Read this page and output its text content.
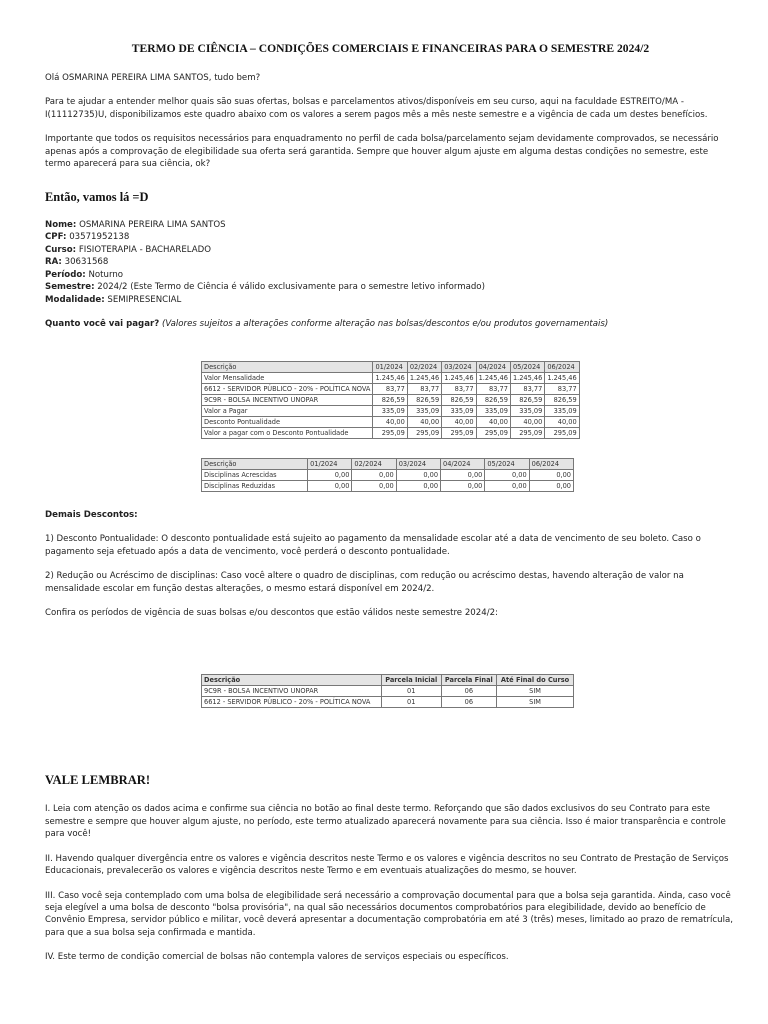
TERMO DE CIÊNCIA – CONDIÇÕES COMERCIAIS E FINANCEIRAS PARA O SEMESTRE 2024/2

Olá OSMARINA PEREIRA LIMA SANTOS, tudo bem?

Para te ajudar a entender melhor quais são suas ofertas, bolsas e parcelamentos ativos/disponíveis em seu curso, aqui na faculdade ESTREITO/MA - I(11112735)U, disponibilizamos este quadro abaixo com os valores a serem pagos mês a mês neste semestre e a vigência de cada um destes benefícios.

Importante que todos os requisitos necessários para enquadramento no perfil de cada bolsa/parcelamento sejam devidamente comprovados, se necessário apenas após a comprovação de elegibilidade sua oferta será garantida. Sempre que houver algum ajuste em alguma destas condições no semestre, este termo aparecerá para sua ciência, ok?

Então, vamos lá =D
Nome: OSMARINA PEREIRA LIMA SANTOS
CPF: 03571952138
Curso: FISIOTERAPIA - BACHARELADO
RA: 30631568
Período: Noturno
Semestre: 2024/2 (Este Termo de Ciência é válido exclusivamente para o semestre letivo informado)
Modalidade: SEMIPRESENCIAL

Quanto você vai pagar? (Valores sujeitos a alterações conforme alteração nas bolsas/descontos e/ou produtos governamentais)

Descrição	01/2024	02/2024	03/2024	04/2024	05/2024	06/2024
Valor Mensalidade	1.245,46	1.245,46	1.245,46	1.245,46	1.245,46	1.245,46
6612 - SERVIDOR PÚBLICO - 20% - POLÍTICA NOVA	83,77	83,77	83,77	83,77	83,77	83,77
9C9R - BOLSA INCENTIVO UNOPAR	826,59	826,59	826,59	826,59	826,59	826,59
Valor a Pagar	335,09	335,09	335,09	335,09	335,09	335,09
Desconto Pontualidade	40,00	40,00	40,00	40,00	40,00	40,00
Valor a pagar com o Desconto Pontualidade	295,09	295,09	295,09	295,09	295,09	295,09
Descrição	01/2024	02/2024	03/2024	04/2024	05/2024	06/2024
Disciplinas Acrescidas	0,00	0,00	0,00	0,00	0,00	0,00
Disciplinas Reduzidas	0,00	0,00	0,00	0,00	0,00	0,00

Demais Descontos:

1) Desconto Pontualidade: O desconto pontualidade está sujeito ao pagamento da mensalidade escolar até a data de vencimento de seu boleto. Caso o pagamento seja efetuado após a data de vencimento, você perderá o desconto pontualidade.

2) Redução ou Acréscimo de disciplinas: Caso você altere o quadro de disciplinas, com redução ou acréscimo destas, havendo alteração de valor na mensalidade escolar em função destas alterações, o mesmo estará disponível em 2024/2.

Confira os períodos de vigência de suas bolsas e/ou descontos que estão válidos neste semestre 2024/2:

Descrição	Parcela Inicial	Parcela Final	Até Final do Curso
9C9R - BOLSA INCENTIVO UNOPAR	01	06	SIM
6612 - SERVIDOR PÚBLICO - 20% - POLÍTICA NOVA	01	06	SIM
VALE LEMBRAR!

I. Leia com atenção os dados acima e confirme sua ciência no botão ao final deste termo. Reforçando que são dados exclusivos do seu Contrato para este semestre e sempre que houver algum ajuste, no período, este termo atualizado aparecerá novamente para sua ciência. Isso é maior transparência e controle para você!

II. Havendo qualquer divergência entre os valores e vigência descritos neste Termo e os valores e vigência descritos no seu Contrato de Prestação de Serviços Educacionais, prevalecerão os valores e vigência descritos neste Termo e em eventuais atualizações do mesmo, se houver.

III. Caso você seja contemplado com uma bolsa de elegibilidade será necessário a comprovação documental para que a bolsa seja garantida. Ainda, caso você seja elegível a uma bolsa de desconto "bolsa provisória", na qual são necessários documentos comprobatórios para elegibilidade, devido ao benefício de Convênio Empresa, servidor público e militar, você deverá apresentar a documentação comprobatória em até 3 (três) meses, limitado ao prazo de rematrícula, para que a sua bolsa seja confirmada e mantida.

IV. Este termo de condição comercial de bolsas não contempla valores de serviços especiais ou específicos.
